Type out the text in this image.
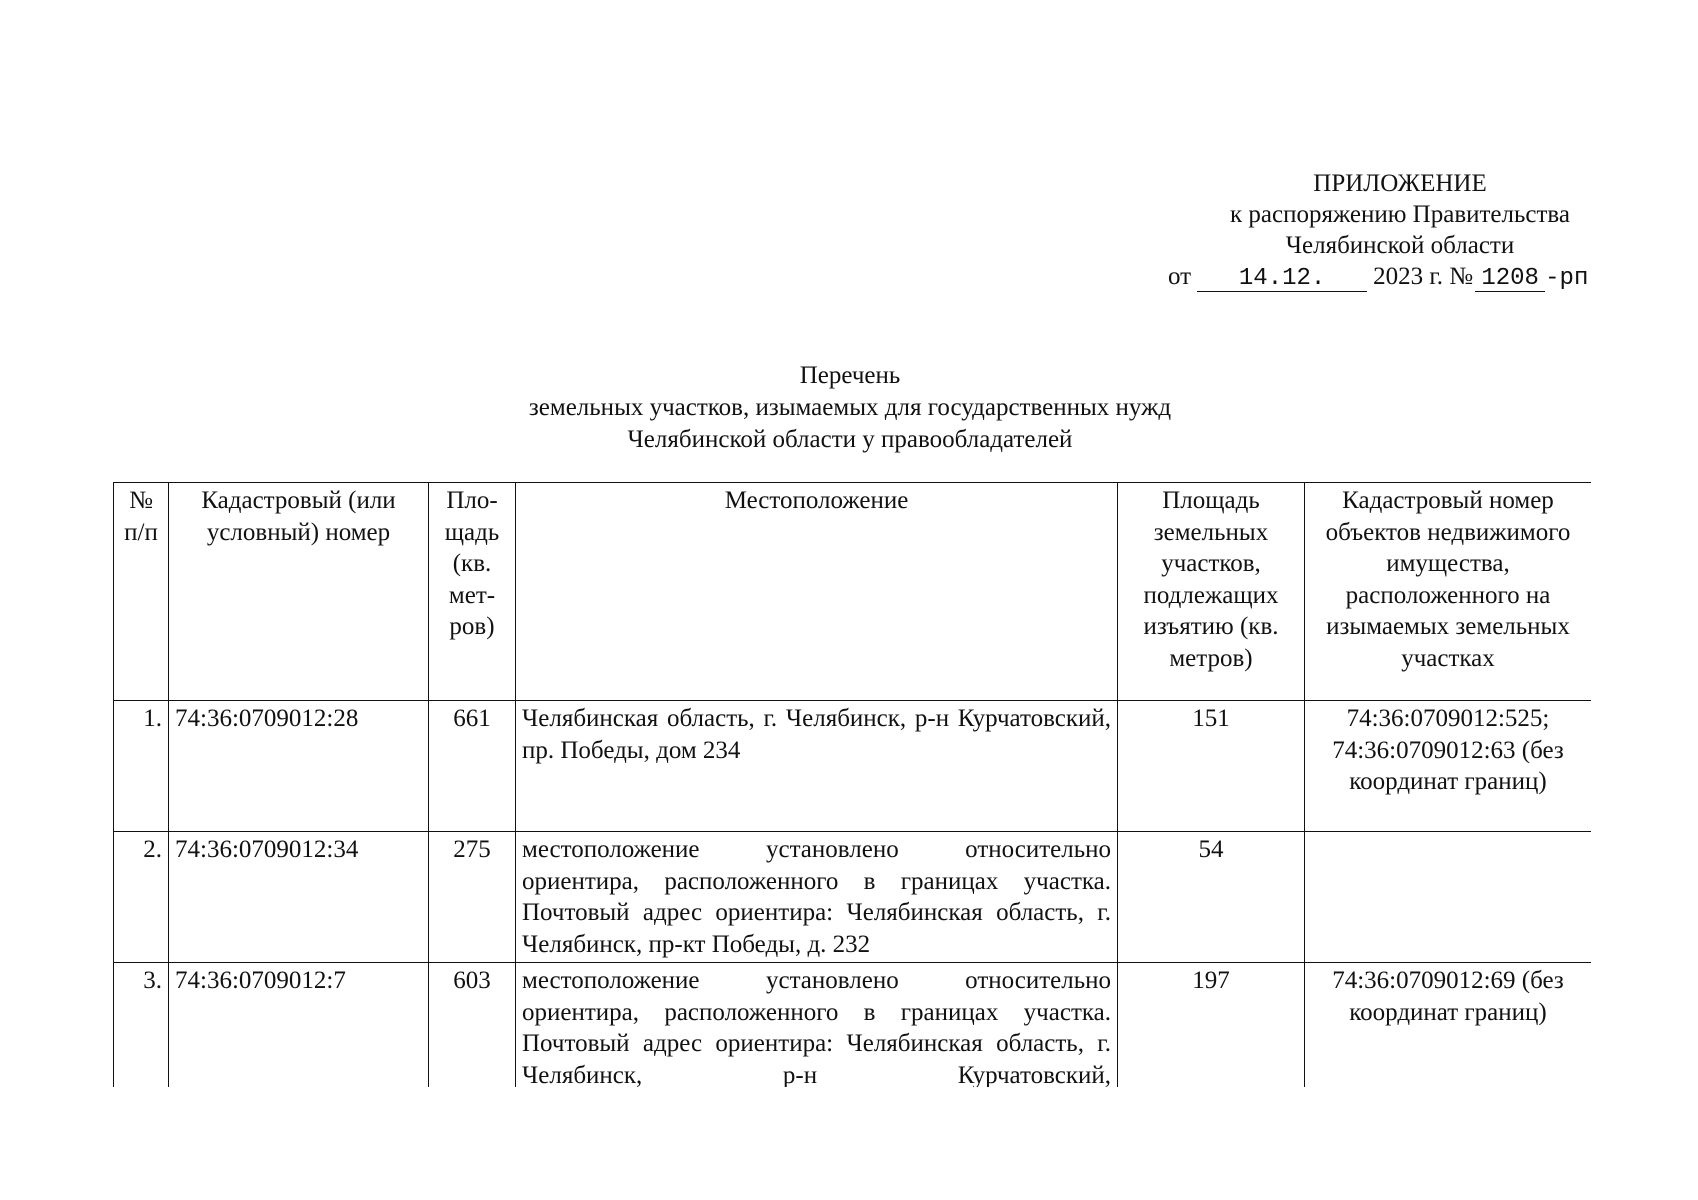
ПРИЛОЖЕНИЕ
к распоряжению Правительства
Челябинской области
от 14.12. 2023 г. № 1208 -рп
Перечень
земельных участков, изымаемых для государственных нужд
Челябинской области у правообладателей
№ п/п	Кадастровый (или условный) номер	Пло-щадь (кв. мет-ров)	Местоположение	Площадь земельных участков, подлежащих изъятию (кв. метров)	Кадастровый номер объектов недвижимого имущества, расположенного на изымаемых земельных участках
1.	74:36:0709012:28	661	Челябинская область, г. Челябинск, р-н Курчатовский, пр. Победы, дом 234	151	74:36:0709012:525; 74:36:0709012:63 (без координат границ)
2.	74:36:0709012:34	275	местоположение установлено относительно ориентира, расположенного в границах участка. Почтовый адрес ориентира: Челябинская область, г. Челябинск, пр-кт Победы, д. 232	54	
3.	74:36:0709012:7	603	местоположение установлено относительно ориентира, расположенного в границах участка. Почтовый адрес ориентира: Челябинская область, г. Челябинск, р-н Курчатовский,	197	74:36:0709012:69 (без координат границ)
